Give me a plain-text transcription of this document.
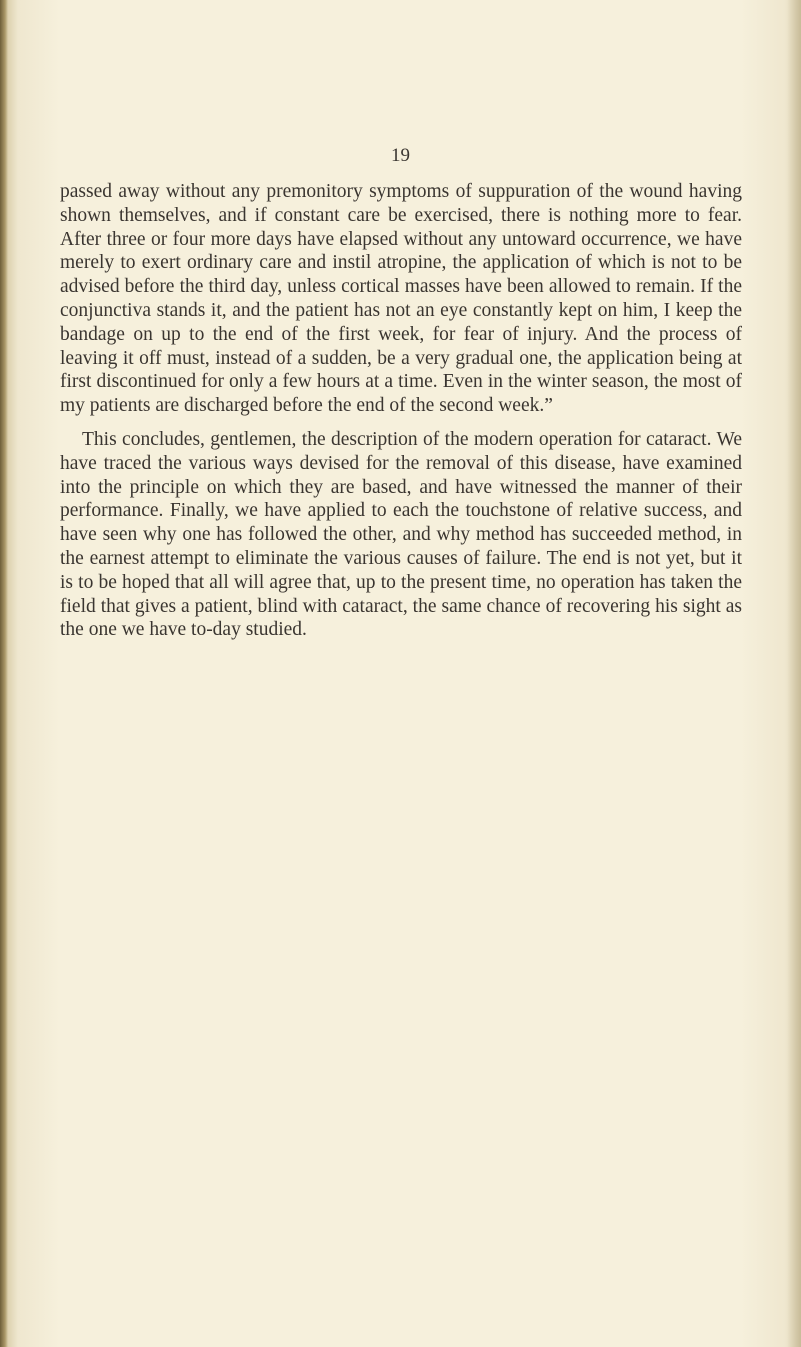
19

passed away without any premonitory symptoms of suppuration of the wound having shown themselves, and if constant care be exercised, there is nothing more to fear. After three or four more days have elapsed without any untoward occurrence, we have merely to exert ordinary care and instil atropine, the application of which is not to be advised before the third day, unless cortical masses have been allowed to remain. If the conjunctiva stands it, and the patient has not an eye constantly kept on him, I keep the bandage on up to the end of the first week, for fear of injury. And the process of leaving it off must, instead of a sudden, be a very gradual one, the application being at first discontinued for only a few hours at a time. Even in the winter season, the most of my patients are discharged before the end of the second week.”

This concludes, gentlemen, the description of the modern operation for cataract. We have traced the various ways devised for the removal of this disease, have examined into the principle on which they are based, and have witnessed the manner of their performance. Finally, we have applied to each the touchstone of relative success, and have seen why one has followed the other, and why method has succeeded method, in the earnest attempt to eliminate the various causes of failure. The end is not yet, but it is to be hoped that all will agree that, up to the present time, no operation has taken the field that gives a patient, blind with cataract, the same chance of recovering his sight as the one we have to-day studied.
